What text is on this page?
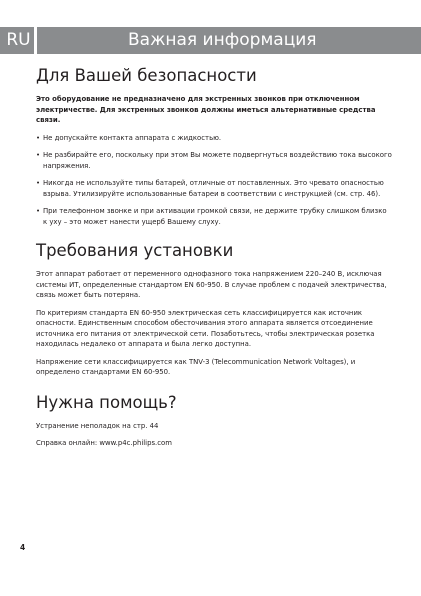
RU	Важная информация
Для Вашей безопасности

Это оборудование не предназначено для экстренных звонков при отключенном электричестве. Для экстренных звонков должны иметься альтернативные средства связи.

• Не допускайте контакта аппарата с жидкостью.
• Не разбирайте его, поскольку при этом Вы можете подвергнуться воздействию тока высокого напряжения.
• Никогда не используйте типы батарей, отличные от поставленных. Это чревато опасностью взрыва. Утилизируйте использованные батареи в соответствии с инструкцией (см. стр. 46).
• При телефонном звонке и при активации громкой связи, не держите трубку слишком близко к уху – это может нанести ущерб Вашему слуху.
Требования установки

Этот аппарат работает от переменного однофазного тока напряжением 220–240 В, исключая системы ИТ, определенные стандартом EN 60-950. В случае проблем с подачей электричества, связь может быть потеряна.

По критериям стандарта EN 60-950 электрическая сеть классифицируется как источник опасности. Единственным способом обесточивания этого аппарата является отсоединение источника его питания от электрической сети. Позаботьтесь, чтобы электрическая розетка находилась недалеко от аппарата и была легко доступна.

Напряжение сети классифицируется как TNV-3 (Telecommunication Network Voltages), и определено стандартами EN 60-950.

Нужна помощь?

Устранение неполадок на стр. 44

Справка онлайн: www.p4c.philips.com

4
